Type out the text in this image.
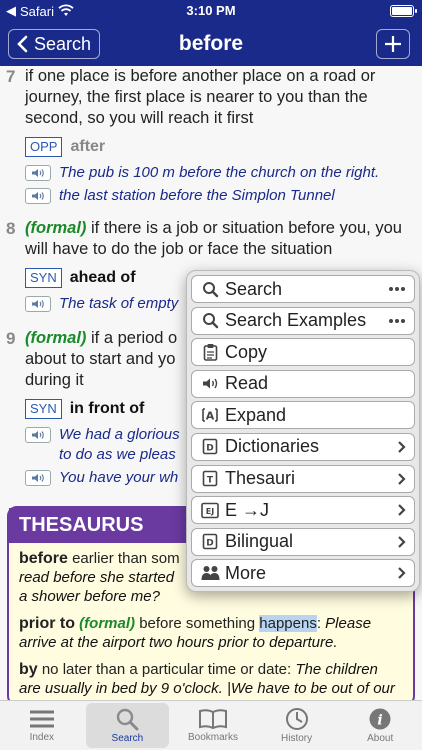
◀ Safari	3:10 PM
Search	before
7 if one place is before another place on a road or journey, the first place is nearer to you than the second, so you will reach it first
OPP after
The pub is 100 m before the church on the right.
the last station before the Simplon Tunnel
8 (formal) if there is a job or situation before you, you will have to do the job or face the situation
SYN ahead of
The task of empty
9 (formal) if a period o
about to start and yo
during it
SYN in front of
We had a glorious
to do as we pleas
You have your wh
THESAURUS

before earlier than som
read before she started
a shower before me?

prior to (formal) before something happens: Please arrive at the airport two hours prior to departure.

by no later than a particular time or date: The children are usually in bed by 9 o'clock. |We have to be out of our

Search
Search Examples
Copy
Read
A Expand
D Dictionaries
T Thesauri
EJ E →J
D Bilingual
More
Index	Search	Bookmarks	History
i
About
